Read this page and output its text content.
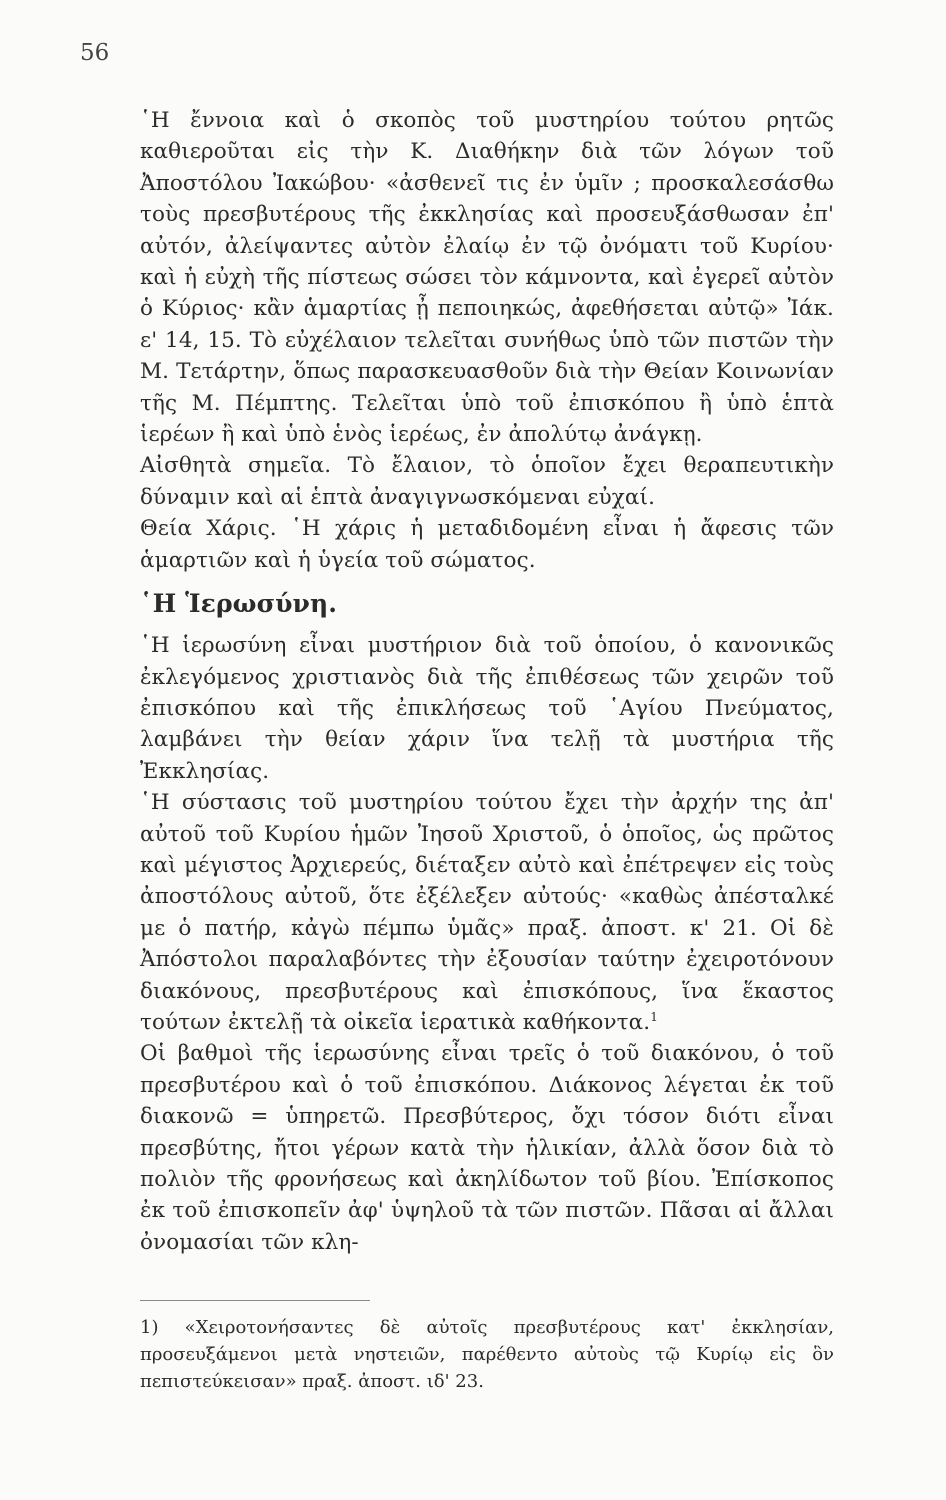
56

῾Η ἔννοια καὶ ὁ σκοπὸς τοῦ μυστηρίου τούτου ρητῶς καθιεροῦται εἰς τὴν Κ. Διαθήκην διὰ τῶν λόγων τοῦ Ἀποστόλου Ἰακώβου· «ἀσθενεῖ τις ἐν ὑμῖν ; προσκαλεσάσθω τοὺς πρεσβυτέρους τῆς ἐκκλησίας καὶ προσευξάσθωσαν ἐπ' αὐτόν, ἀλείψαντες αὐτὸν ἐλαίῳ ἐν τῷ ὀνόματι τοῦ Κυρίου· καὶ ἡ εὐχὴ τῆς πίστεως σώσει τὸν κάμνοντα, καὶ ἐγερεῖ αὐτὸν ὁ Κύριος· κἂν ἁμαρτίας ᾖ πεποιηκώς, ἀφεθήσεται αὐτῷ» Ἰάκ. ε' 14, 15. Τὸ εὐχέλαιον τελεῖται συνήθως ὑπὸ τῶν πιστῶν τὴν Μ. Τετάρτην, ὅπως παρασκευασθοῦν διὰ τὴν Θείαν Κοινωνίαν τῆς Μ. Πέμπτης. Τελεῖται ὑπὸ τοῦ ἐπισκόπου ἢ ὑπὸ ἑπτὰ ἱερέων ἢ καὶ ὑπὸ ἑνὸς ἱερέως, ἐν ἀπολύτῳ ἀνάγκῃ.

Αἰσθητὰ σημεῖα. Τὸ ἔλαιον, τὸ ὁποῖον ἔχει θεραπευτικὴν δύναμιν καὶ αἱ ἑπτὰ ἀναγιγνωσκόμεναι εὐχαί.

Θεία Χάρις. ῾Η χάρις ἡ μεταδιδομένη εἶναι ἡ ἄφεσις τῶν ἁμαρτιῶν καὶ ἡ ὑγεία τοῦ σώματος.

῾Η Ἱερωσύνη.

῾Η ἱερωσύνη εἶναι μυστήριον διὰ τοῦ ὁποίου, ὁ κανονικῶς ἐκλεγόμενος χριστιανὸς διὰ τῆς ἐπιθέσεως τῶν χειρῶν τοῦ ἐπισκόπου καὶ τῆς ἐπικλήσεως τοῦ ῾Αγίου Πνεύματος, λαμβάνει τὴν θείαν χάριν ἵνα τελῇ τὰ μυστήρια τῆς Ἐκκλησίας.

῾Η σύστασις τοῦ μυστηρίου τούτου ἔχει τὴν ἀρχήν της ἀπ' αὐτοῦ τοῦ Κυρίου ἡμῶν Ἰησοῦ Χριστοῦ, ὁ ὁποῖος, ὡς πρῶτος καὶ μέγιστος Ἀρχιερεύς, διέταξεν αὐτὸ καὶ ἐπέτρεψεν εἰς τοὺς ἀποστόλους αὐτοῦ, ὅτε ἐξέλεξεν αὐτούς· «καθὼς ἀπέσταλκέ με ὁ πατήρ, κἀγὼ πέμπω ὑμᾶς» πραξ. ἀποστ. κ' 21. Οἱ δὲ Ἀπόστολοι παραλαβόντες τὴν ἐξουσίαν ταύτην ἐχειροτόνουν διακόνους, πρεσβυτέρους καὶ ἐπισκόπους, ἵνα ἕκαστος τούτων ἐκτελῇ τὰ οἰκεῖα ἱερατικὰ καθήκοντα.$^1$

Οἱ βαθμοὶ τῆς ἱερωσύνης εἶναι τρεῖς ὁ τοῦ διακόνου, ὁ τοῦ πρεσβυτέρου καὶ ὁ τοῦ ἐπισκόπου. Διάκονος λέγεται ἐκ τοῦ διακονῶ = ὑπηρετῶ. Πρεσβύτερος, ὄχι τόσον διότι εἶναι πρεσβύτης, ἤτοι γέρων κατὰ τὴν ἡλικίαν, ἀλλὰ ὅσον διὰ τὸ πολιὸν τῆς φρονήσεως καὶ ἀκηλίδωτον τοῦ βίου. Ἐπίσκοπος ἐκ τοῦ ἐπισκοπεῖν ἀφ' ὑψηλοῦ τὰ τῶν πιστῶν. Πᾶσαι αἱ ἄλλαι ὀνομασίαι τῶν κλη-

1) «Χειροτονήσαντες δὲ αὐτοῖς πρεσβυτέρους κατ' ἐκκλησίαν, προσευξάμενοι μετὰ νηστειῶν, παρέθεντο αὐτοὺς τῷ Κυρίῳ εἰς ὃν πεπιστεύκεισαν» πραξ. ἀποστ. ιδ' 23.
